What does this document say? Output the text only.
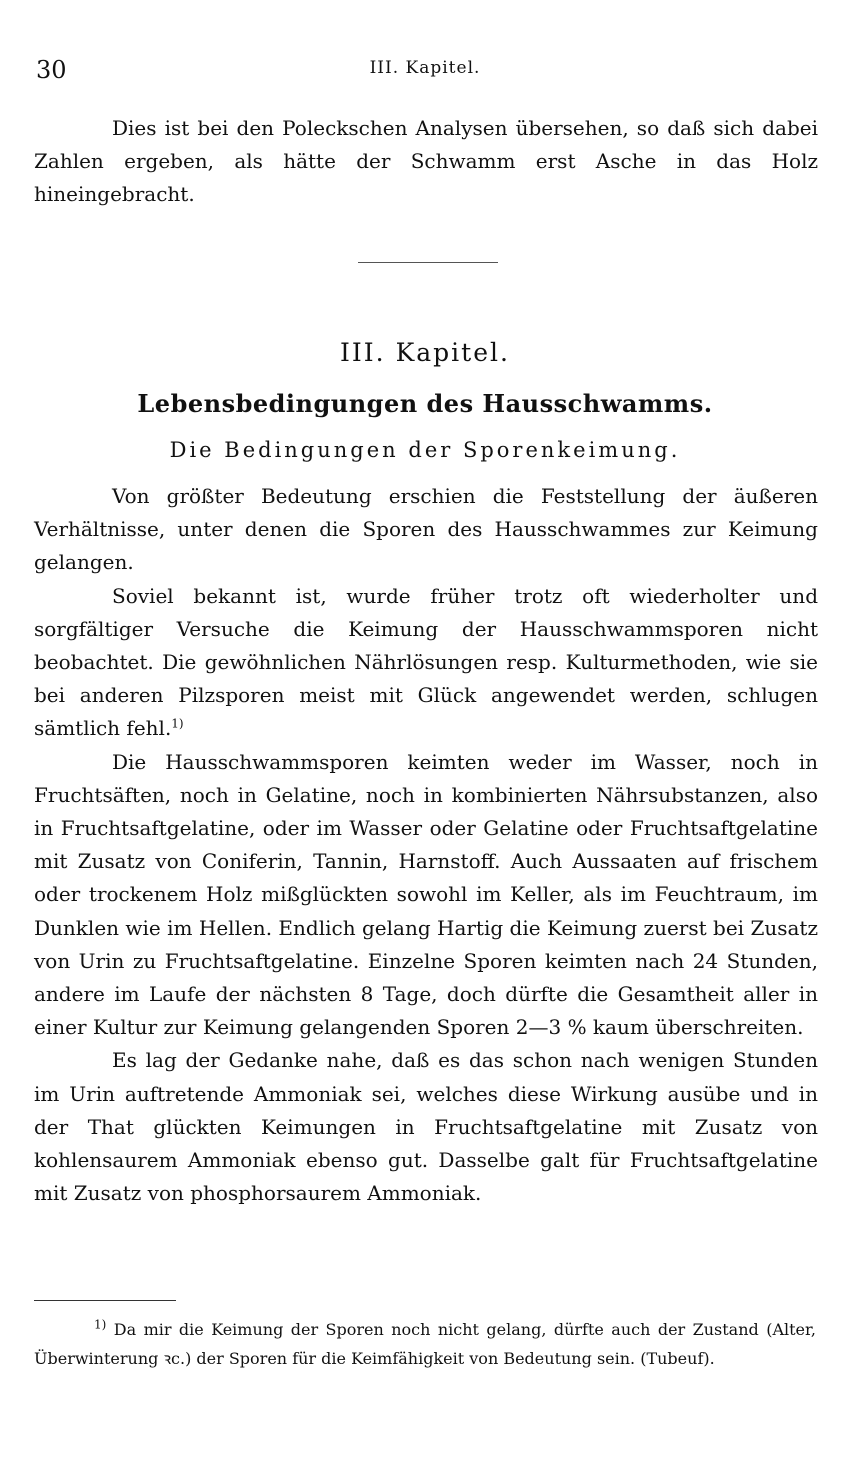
30	III. Kapitel.

Dies ist bei den Poleckschen Analysen übersehen, so daß sich dabei Zahlen ergeben, als hätte der Schwamm erst Asche in das Holz hineingebracht.

III. Kapitel.
Lebensbedingungen des Hausschwamms.
Die Bedingungen der Sporenkeimung.

Von größter Bedeutung erschien die Feststellung der äußeren Verhältnisse, unter denen die Sporen des Hausschwammes zur Keimung gelangen.

Soviel bekannt ist, wurde früher trotz oft wiederholter und sorgfältiger Versuche die Keimung der Hausschwammsporen nicht beobachtet. Die gewöhnlichen Nährlösungen resp. Kulturmethoden, wie sie bei anderen Pilzsporen meist mit Glück angewendet werden, schlugen sämtlich fehl.$^{1)}$

Die Hausschwammsporen keimten weder im Wasser, noch in Fruchtsäften, noch in Gelatine, noch in kombinierten Nährsubstanzen, also in Fruchtsaftgelatine, oder im Wasser oder Gelatine oder Fruchtsaftgelatine mit Zusatz von Coniferin, Tannin, Harnstoff. Auch Aussaaten auf frischem oder trockenem Holz mißglückten sowohl im Keller, als im Feuchtraum, im Dunklen wie im Hellen. Endlich gelang Hartig die Keimung zuerst bei Zusatz von Urin zu Fruchtsaftgelatine. Einzelne Sporen keimten nach 24 Stunden, andere im Laufe der nächsten 8 Tage, doch dürfte die Gesamtheit aller in einer Kultur zur Keimung gelangenden Sporen 2—3 % kaum überschreiten.

Es lag der Gedanke nahe, daß es das schon nach wenigen Stunden im Urin auftretende Ammoniak sei, welches diese Wirkung ausübe und in der That glückten Keimungen in Fruchtsaftgelatine mit Zusatz von kohlensaurem Ammoniak ebenso gut. Dasselbe galt für Fruchtsaftgelatine mit Zusatz von phosphorsaurem Ammoniak.

$^{1)}$ Da mir die Keimung der Sporen noch nicht gelang, dürfte auch der Zustand (Alter, Überwinterung ꝛc.) der Sporen für die Keimfähigkeit von Bedeutung sein. (Tubeuf).
